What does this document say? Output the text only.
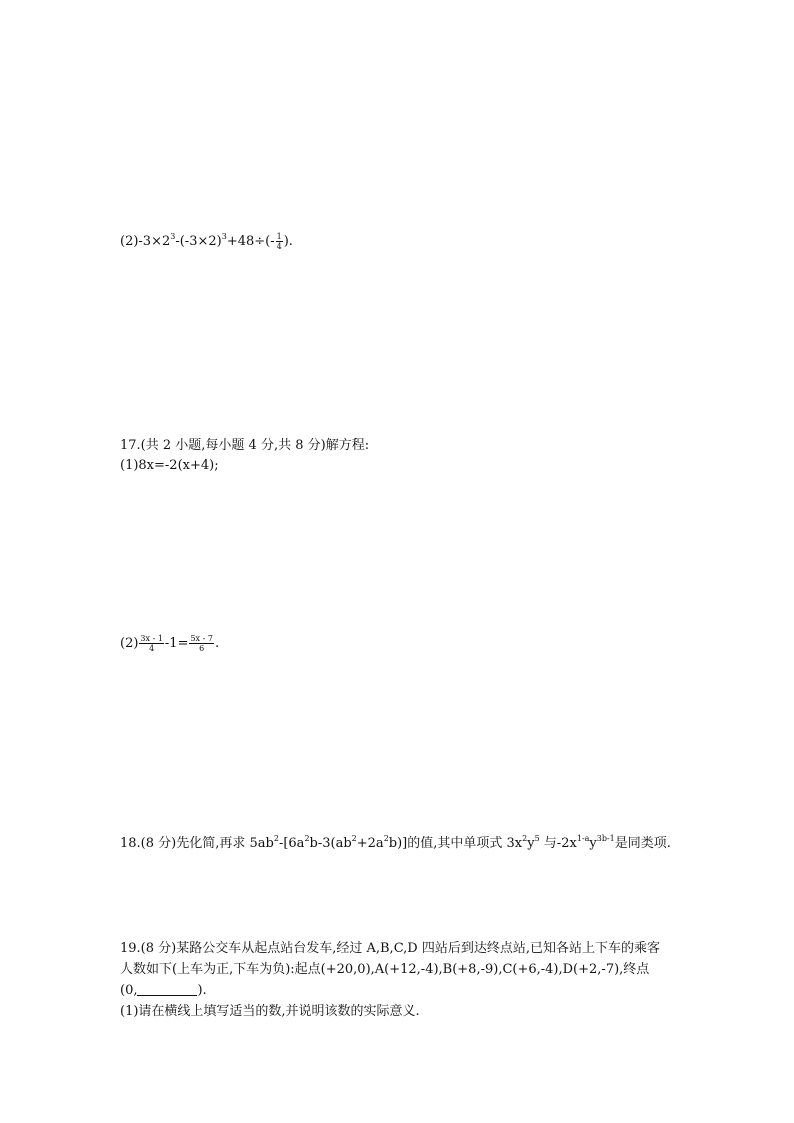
$(2)-3\times 2^3-(-3\times 2)^3+48\div(- \frac{1}{4}$ ).
17.(共 2 小题,每小题 4 分,共 8 分)解方程:
(1)8x=-2(x+4);
$(2) \frac{3x - 1}{4} -1= \frac{5x - 7}{6}$ .
18.(8 分)先化简,再求 $5ab^2-[6a^2b-3(ab^2+2a^2b)]$的值,其中单项式 $3x^2y^5$ 与$-2x^{1-a}y^{3b-1}$是同类项.
19.(8 分)某路公交车从起点站台发车,经过 A,B,C,D 四站后到达终点站,已知各站上下车的乘客
人数如下(上车为正,下车为负):起点(+20,0),A(+12,-4),B(+8,-9),C(+6,-4),D(+2,-7),终点
(0,	).
(1)请在横线上填写适当的数,并说明该数的实际意义.
